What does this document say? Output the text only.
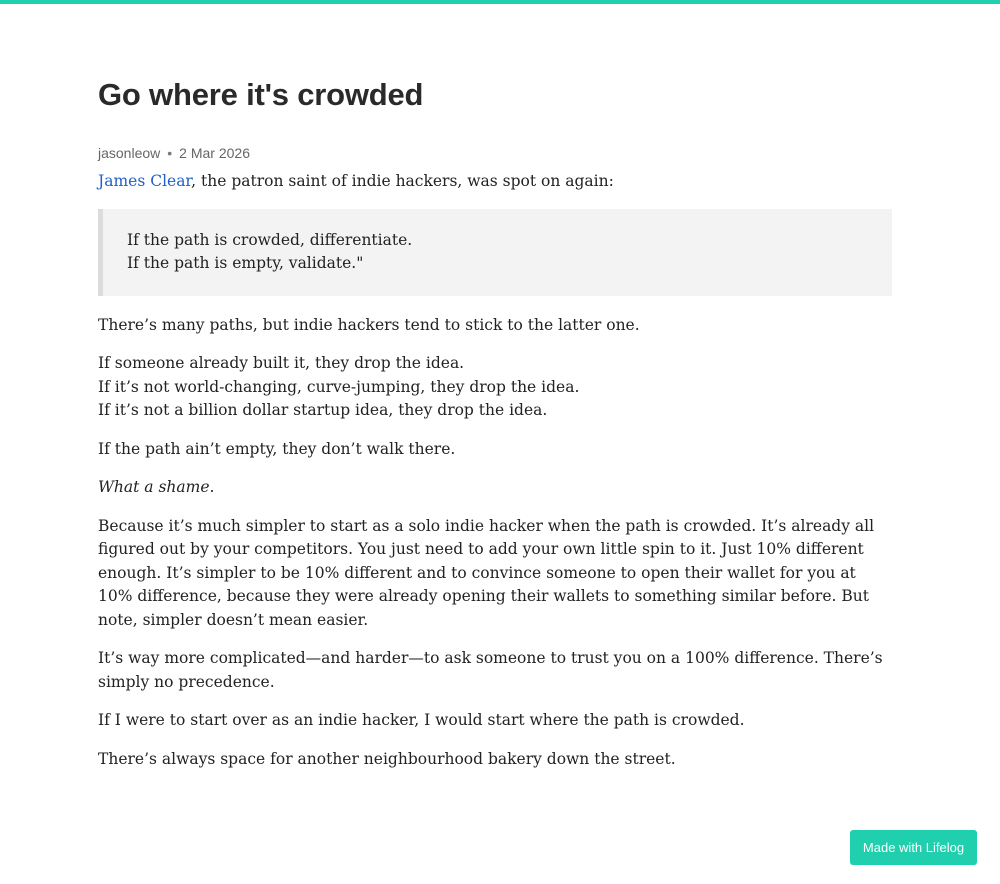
Go where it's crowded
jasonleow • 2 Mar 2026

James Clear, the patron saint of indie hackers, was spot on again:

If the path is crowded, differentiate.

If the path is empty, validate."

There’s many paths, but indie hackers tend to stick to the latter one.

If someone already built it, they drop the idea.
If it’s not world-changing, curve-jumping, they drop the idea.
If it’s not a billion dollar startup idea, they drop the idea.

If the path ain’t empty, they don’t walk there.

What a shame.

Because it’s much simpler to start as a solo indie hacker when the path is crowded. It’s already all figured out by your competitors. You just need to add your own little spin to it. Just 10% different enough. It’s simpler to be 10% different and to convince someone to open their wallet for you at 10% difference, because they were already opening their wallets to something similar before. But note, simpler doesn’t mean easier.

It’s way more complicated—and harder—to ask someone to trust you on a 100% difference. There’s simply no precedence.

If I were to start over as an indie hacker, I would start where the path is crowded.

There’s always space for another neighbourhood bakery down the street.

Made with Lifelog
